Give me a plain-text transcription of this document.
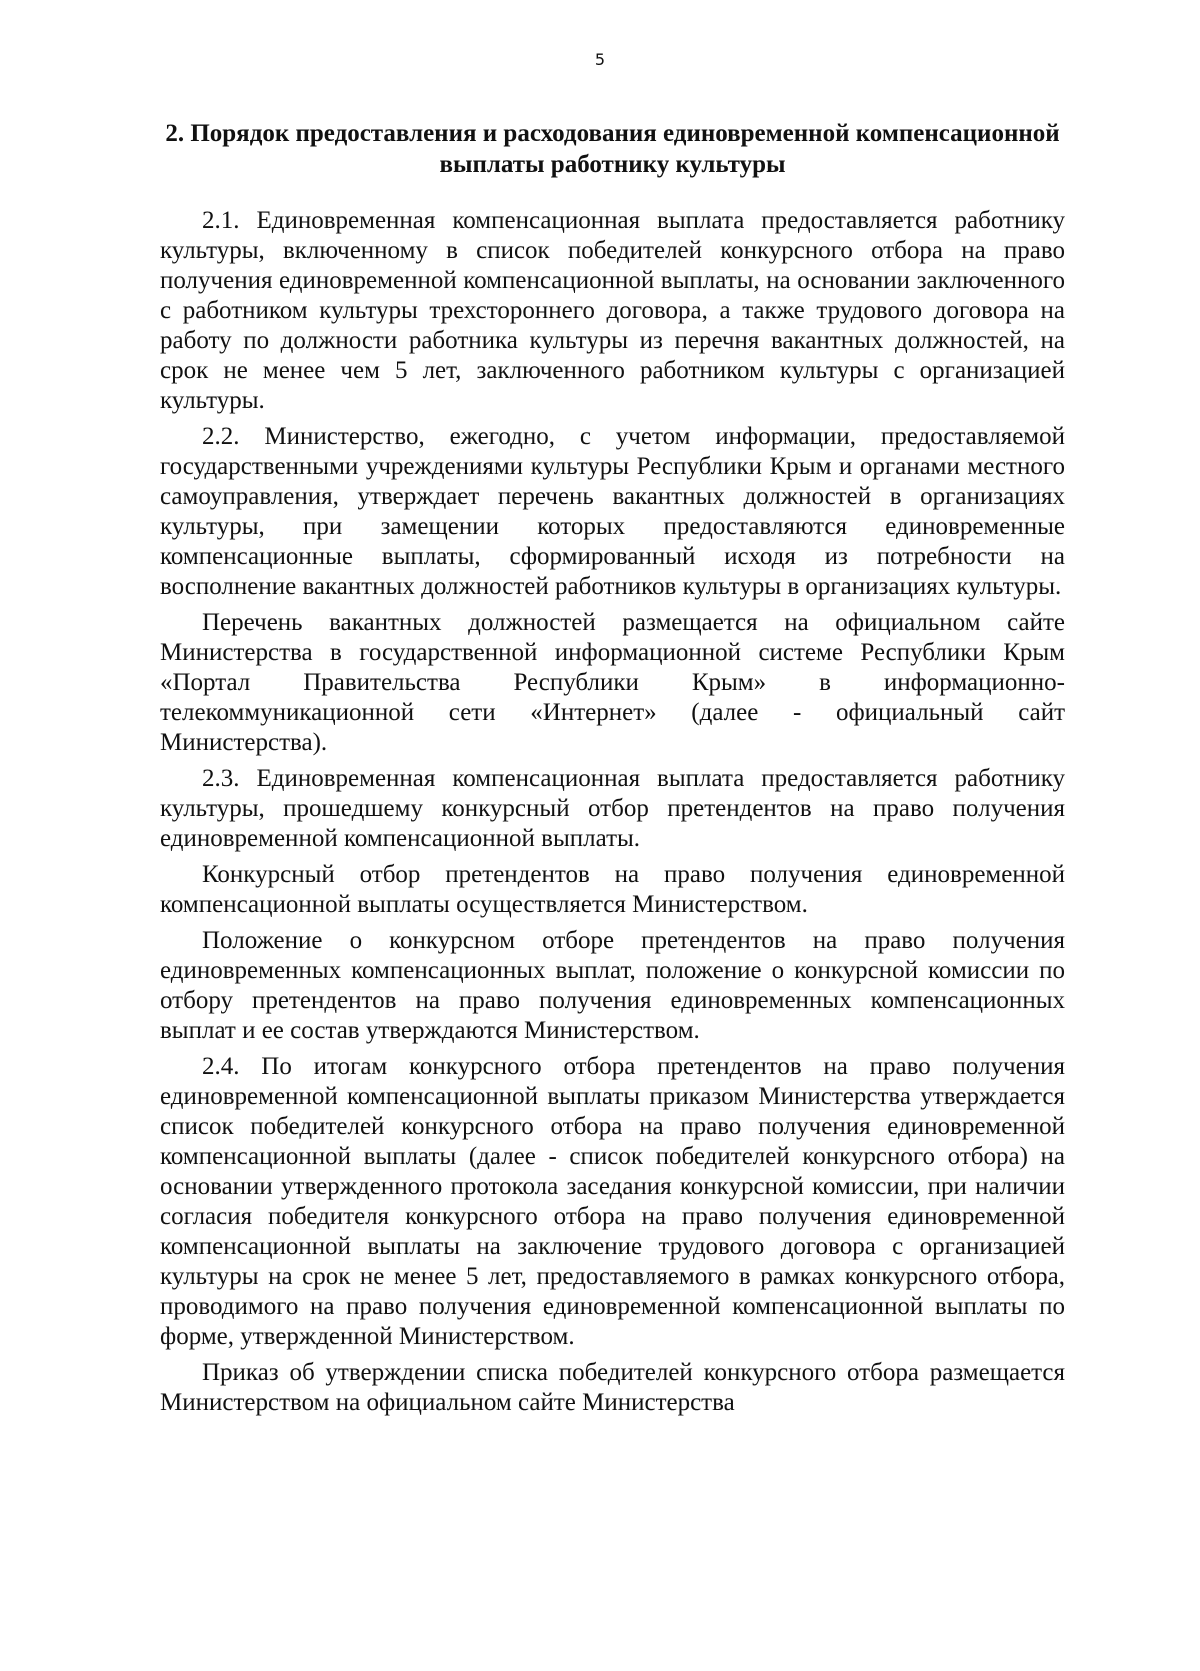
5
2. Порядок предоставления и расходования единовременной компенсационной выплаты работнику культуры

2.1. Единовременная компенсационная выплата предоставляется работнику культуры, включенному в список победителей конкурсного отбора на право получения единовременной компенсационной выплаты, на основании заключенного с работником культуры трехстороннего договора, а также трудового договора на работу по должности работника культуры из перечня вакантных должностей, на срок не менее чем 5 лет, заключенного работником культуры с организацией культуры.

2.2. Министерство, ежегодно, с учетом информации, предоставляемой государственными учреждениями культуры Республики Крым и органами местного самоуправления, утверждает перечень вакантных должностей в организациях культуры, при замещении которых предоставляются единовременные компенсационные выплаты, сформированный исходя из потребности на восполнение вакантных должностей работников культуры в организациях культуры.

Перечень вакантных должностей размещается на официальном сайте Министерства в государственной информационной системе Республики Крым «Портал Правительства Республики Крым» в информационно-телекоммуникационной сети «Интернет» (далее - официальный сайт Министерства).

2.3. Единовременная компенсационная выплата предоставляется работнику культуры, прошедшему конкурсный отбор претендентов на право получения единовременной компенсационной выплаты.

Конкурсный отбор претендентов на право получения единовременной компенсационной выплаты осуществляется Министерством.

Положение о конкурсном отборе претендентов на право получения единовременных компенсационных выплат, положение о конкурсной комиссии по отбору претендентов на право получения единовременных компенсационных выплат и ее состав утверждаются Министерством.

2.4. По итогам конкурсного отбора претендентов на право получения единовременной компенсационной выплаты приказом Министерства утверждается список победителей конкурсного отбора на право получения единовременной компенсационной выплаты (далее - список победителей конкурсного отбора) на основании утвержденного протокола заседания конкурсной комиссии, при наличии согласия победителя конкурсного отбора на право получения единовременной компенсационной выплаты на заключение трудового договора с организацией культуры на срок не менее 5 лет, предоставляемого в рамках конкурсного отбора, проводимого на право получения единовременной компенсационной выплаты по форме, утвержденной Министерством.

Приказ об утверждении списка победителей конкурсного отбора размещается Министерством на официальном сайте Министерства
